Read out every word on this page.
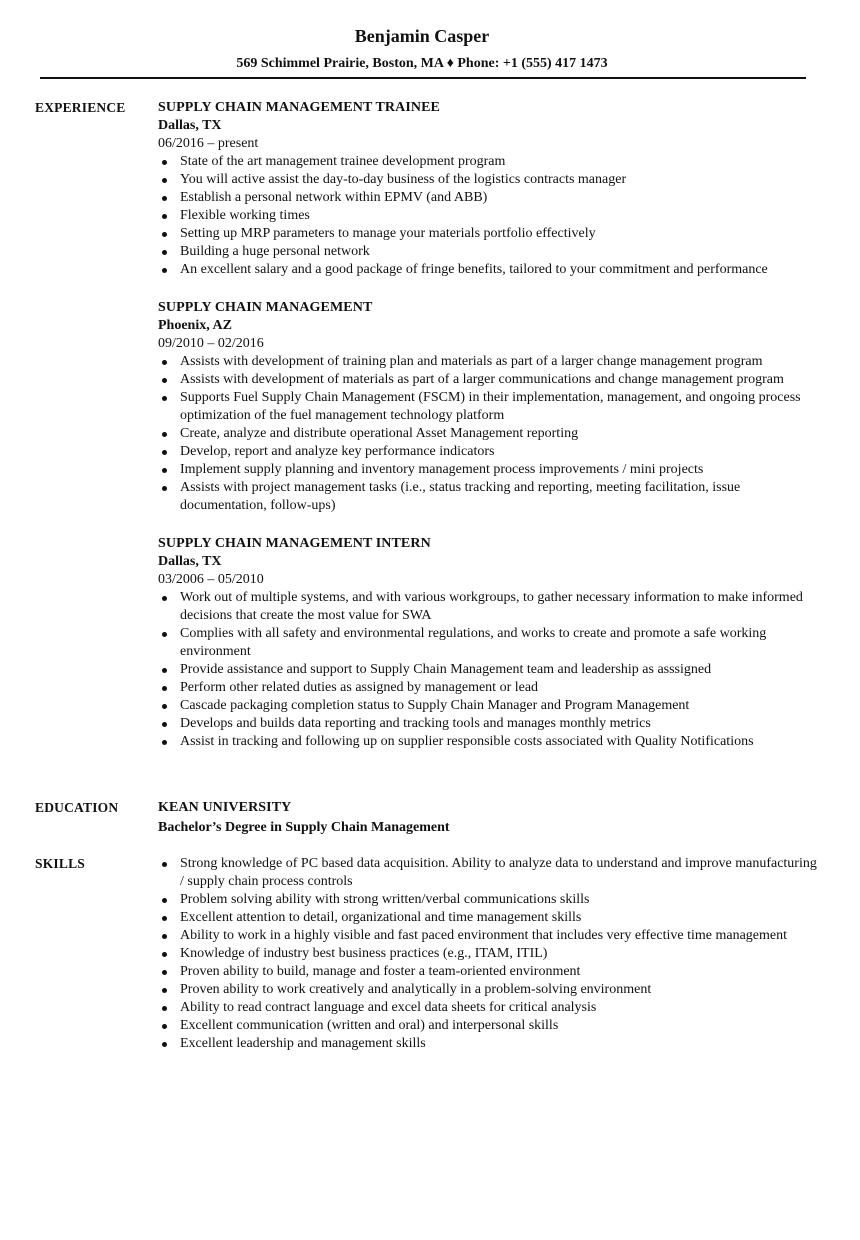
Benjamin Casper
569 Schimmel Prairie, Boston, MA ♦ Phone: +1 (555) 417 1473
EXPERIENCE SUPPLY CHAIN MANAGEMENT TRAINEE
Dallas, TX
06/2016 – present
State of the art management trainee development program
You will active assist the day-to-day business of the logistics contracts manager
Establish a personal network within EPMV (and ABB)
Flexible working times
Setting up MRP parameters to manage your materials portfolio effectively
Building a huge personal network
An excellent salary and a good package of fringe benefits, tailored to your commitment and performance
SUPPLY CHAIN MANAGEMENT
Phoenix, AZ
09/2010 – 02/2016
Assists with development of training plan and materials as part of a larger change management program
Assists with development of materials as part of a larger communications and change management program
Supports Fuel Supply Chain Management (FSCM) in their implementation, management, and ongoing process optimization of the fuel management technology platform
Create, analyze and distribute operational Asset Management reporting
Develop, report and analyze key performance indicators
Implement supply planning and inventory management process improvements / mini projects
Assists with project management tasks (i.e., status tracking and reporting, meeting facilitation, issue documentation, follow-ups)
SUPPLY CHAIN MANAGEMENT INTERN
Dallas, TX
03/2006 – 05/2010
Work out of multiple systems, and with various workgroups, to gather necessary information to make informed decisions that create the most value for SWA
Complies with all safety and environmental regulations, and works to create and promote a safe working environment
Provide assistance and support to Supply Chain Management team and leadership as asssigned
Perform other related duties as assigned by management or lead
Cascade packaging completion status to Supply Chain Manager and Program Management
Develops and builds data reporting and tracking tools and manages monthly metrics
Assist in tracking and following up on supplier responsible costs associated with Quality Notifications
EDUCATION	KEAN UNIVERSITY
Bachelor’s Degree in Supply Chain Management
SKILLS	Strong knowledge of PC based data acquisition. Ability to analyze data to understand and improve manufacturing / supply chain process controls
Problem solving ability with strong written/verbal communications skills
Excellent attention to detail, organizational and time management skills
Ability to work in a highly visible and fast paced environment that includes very effective time management
Knowledge of industry best business practices (e.g., ITAM, ITIL)
Proven ability to build, manage and foster a team-oriented environment
Proven ability to work creatively and analytically in a problem-solving environment
Ability to read contract language and excel data sheets for critical analysis
Excellent communication (written and oral) and interpersonal skills
Excellent leadership and management skills
